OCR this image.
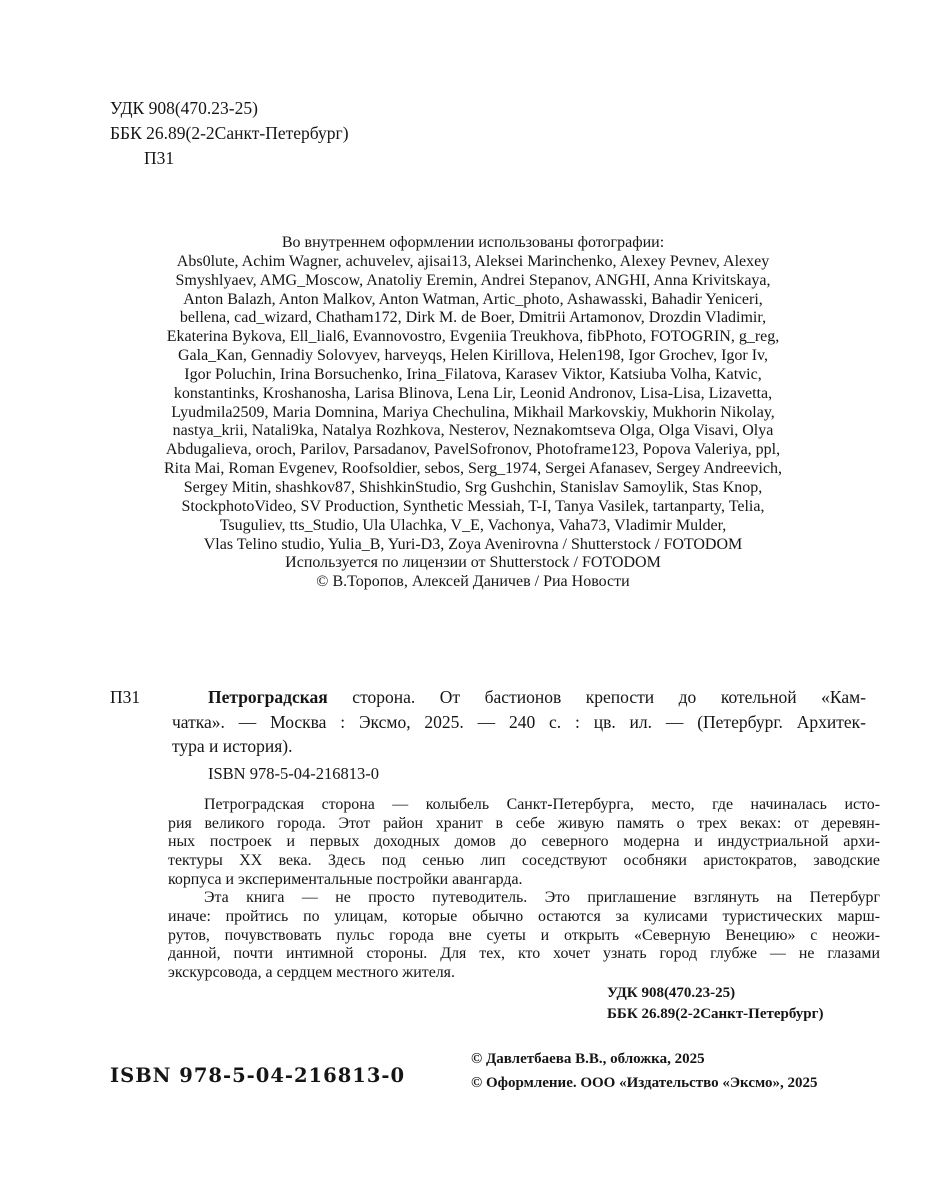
УДК 908(470.23-25)
ББК 26.89(2-2Санкт-Петербург)
П31
Во внутреннем оформлении использованы фотографии:
Abs0lute, Achim Wagner, achuvelev, ajisai13, Aleksei Marinchenko, Alexey Pevnev, Alexey
Smyshlyaev, AMG_Moscow, Anatoliy Eremin, Andrei Stepanov, ANGHI, Anna Krivitskaya,
Anton Balazh, Anton Malkov, Anton Watman, Artic_photo, Ashawasski, Bahadir Yeniceri,
bellena, cad_wizard, Chatham172, Dirk M. de Boer, Dmitrii Artamonov, Drozdin Vladimir,
Ekaterina Bykova, Ell_lial6, Evannovostro, Evgeniia Treukhova, fibPhoto, FOTOGRIN, g_reg,
Gala_Kan, Gennadiy Solovyev, harveyqs, Helen Kirillova, Helen198, Igor Grochev, Igor Iv,
Igor Poluchin, Irina Borsuchenko, Irina_Filatova, Karasev Viktor, Katsiuba Volha, Katvic,
konstantinks, Kroshanosha, Larisa Blinova, Lena Lir, Leonid Andronov, Lisa-Lisa, Lizavetta,
Lyudmila2509, Maria Domnina, Mariya Chechulina, Mikhail Markovskiy, Mukhorin Nikolay,
nastya_krii, Natali9ka, Natalya Rozhkova, Nesterov, Neznakomtseva Olga, Olga Visavi, Olya
Abdugalieva, oroch, Parilov, Parsadanov, PavelSofronov, Photoframe123, Popova Valeriya, ppl,
Rita Mai, Roman Evgenev, Roofsoldier, sebos, Serg_1974, Sergei Afanasev, Sergey Andreevich,
Sergey Mitin, shashkov87, ShishkinStudio, Srg Gushchin, Stanislav Samoylik, Stas Knop,
StockphotoVideo, SV Production, Synthetic Messiah, T-I, Tanya Vasilek, tartanparty, Telia,
Tsuguliev, tts_Studio, Ula Ulachka, V_E, Vachonya, Vaha73, Vladimir Mulder,
Vlas Telino studio, Yulia_B, Yuri-D3, Zoya Avenirovna / Shutterstock / FOTODOM
Используется по лицензии от Shutterstock / FOTODOM
© В.Торопов, Алексей Даничев / Риа Новости
П31	Петроградская сторона. От бастионов крепости до котельной «Кам-
чатка». — Москва : Эксмо, 2025. — 240 с. : цв. ил. — (Петербург. Архитек-
тура и история).
ISBN 978-5-04-216813-0
Петроградская сторона — колыбель Санкт-Петербурга, место, где начиналась исто-
рия великого города. Этот район хранит в себе живую память о трех веках: от деревян-
ных построек и первых доходных домов до северного модерна и индустриальной архи-
тектуры XX века. Здесь под сенью лип соседствуют особняки аристократов, заводские
корпуса и экспериментальные постройки авангарда.
Эта книга — не просто путеводитель. Это приглашение взглянуть на Петербург
иначе: пройтись по улицам, которые обычно остаются за кулисами туристических марш-
рутов, почувствовать пульс города вне суеты и открыть «Северную Венецию» с неожи-
данной, почти интимной стороны. Для тех, кто хочет узнать город глубже — не глазами
экскурсовода, а сердцем местного жителя.
УДК 908(470.23-25)
ББК 26.89(2-2Санкт-Петербург)
ISBN 978-5-04-216813-0
© Давлетбаева В.В., обложка, 2025
© Оформление. ООО «Издательство «Эксмо», 2025
